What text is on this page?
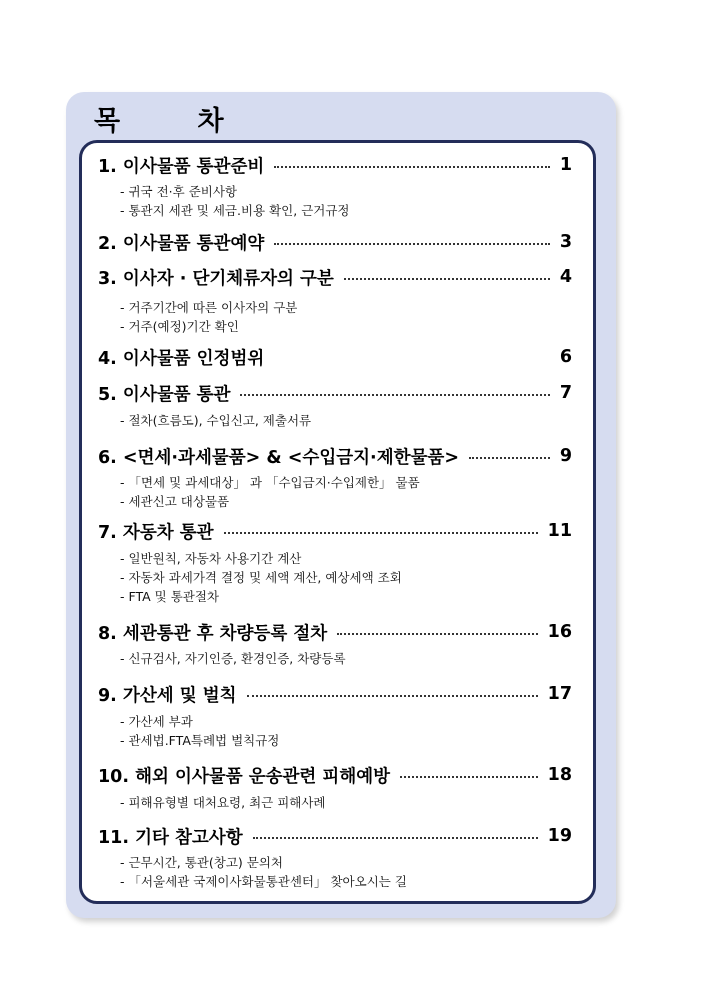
목 차
1. 이사물품 통관준비	1
- 귀국 전·후 준비사항
- 통관지 세관 및 세금.비용 확인, 근거규정
2. 이사물품 통관예약	3
3. 이사자 · 단기체류자의 구분	4
- 거주기간에 따른 이사자의 구분
- 거주(예정)기간 확인
4. 이사물품 인정범위	6
5. 이사물품 통관	7
- 절차(흐름도), 수입신고, 제출서류
6. <면세·과세물품> & <수입금지·제한물품>	9
- 「면세 및 과세대상」 과 「수입금지·수입제한」 물품
- 세관신고 대상물품
7. 자동차 통관	11
- 일반원칙, 자동차 사용기간 계산
- 자동차 과세가격 결정 및 세액 계산, 예상세액 조회
- FTA 및 통관절차
8. 세관통관 후 차량등록 절차	16
- 신규검사, 자기인증, 환경인증, 차량등록
9. 가산세 및 벌칙	17
- 가산세 부과
- 관세법.FTA특례법 벌칙규정
10. 해외 이사물품 운송관련 피해예방	18
- 피해유형별 대처요령, 최근 피해사례
11. 기타 참고사항	19
- 근무시간, 통관(창고) 문의처
- 「서울세관 국제이사화물통관센터」 찾아오시는 길
